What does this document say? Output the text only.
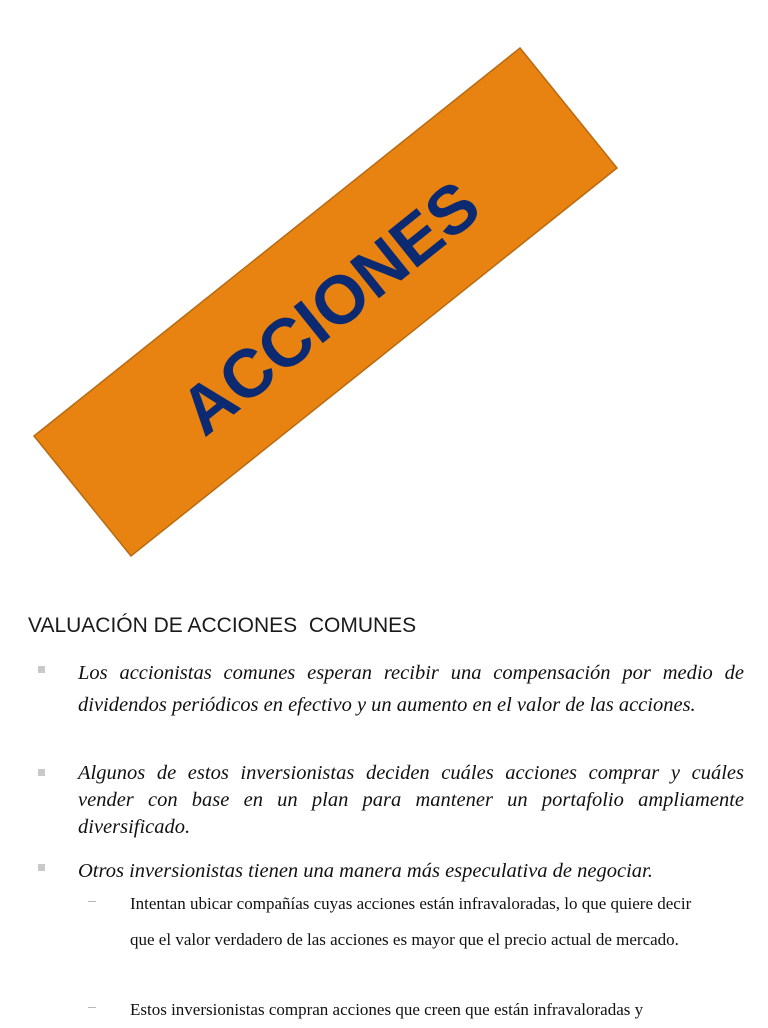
ACCIONES
VALUACIÓN DE ACCIONES  COMUNES

Los accionistas comunes esperan recibir una compensación por medio de dividendos periódicos en efectivo y un aumento en el valor de las acciones.

Algunos de estos inversionistas deciden cuáles acciones comprar y cuáles vender con base en un plan para mantener un portafolio ampliamente diversificado.

Otros inversionistas tienen una manera más especulativa de negociar.

– Intentan ubicar compañías cuyas acciones están infravaloradas, lo que quiere decir que el valor verdadero de las acciones es mayor que el precio actual de mercado.

– Estos inversionistas compran acciones que creen que están infravaloradas y
